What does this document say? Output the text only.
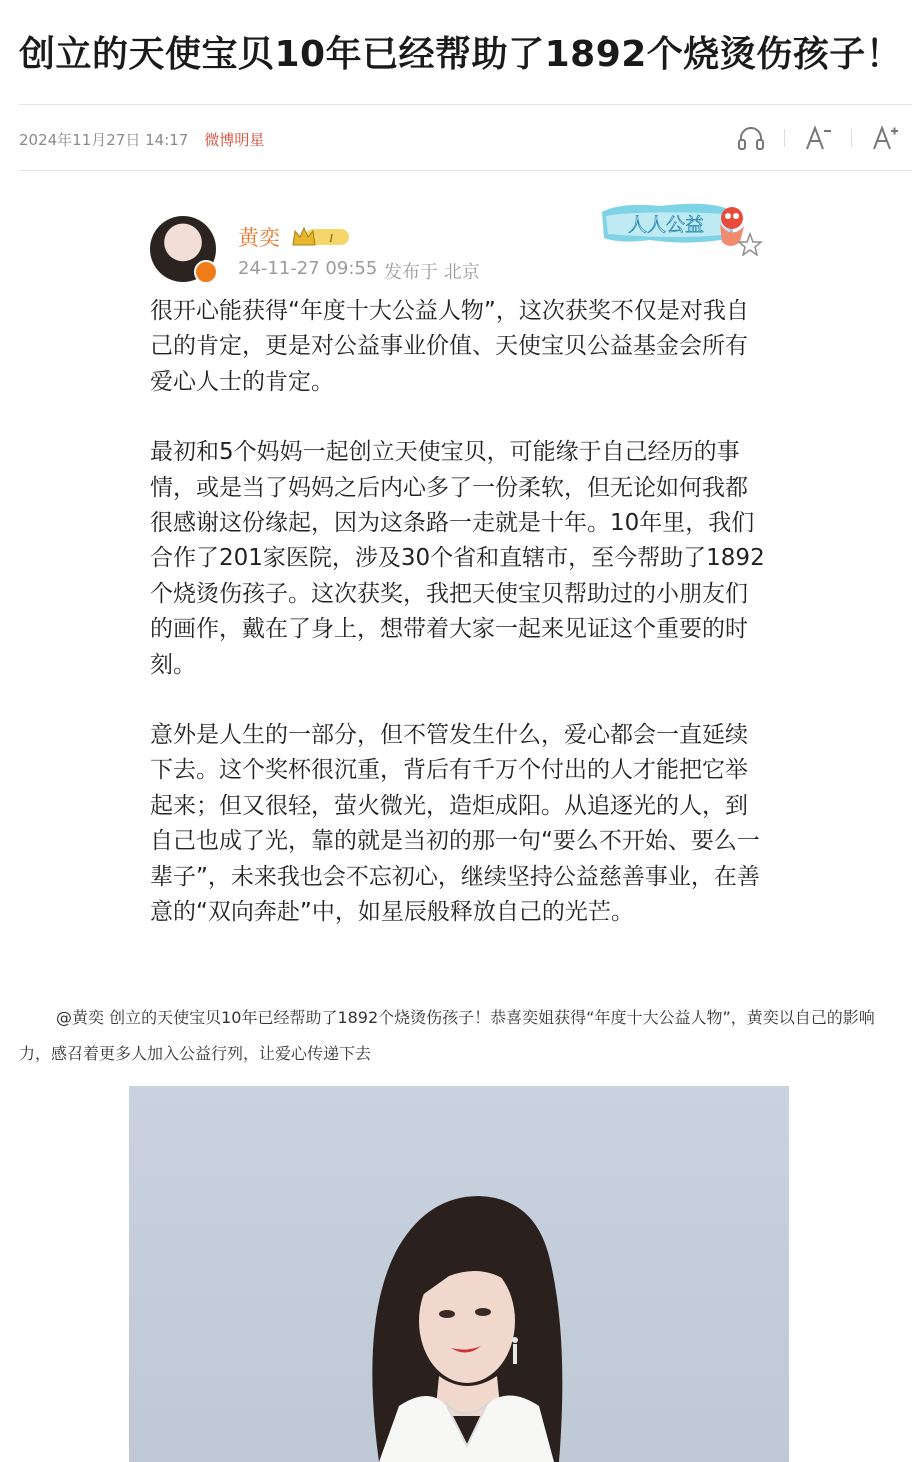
创立的天使宝贝10年已经帮助了1892个烧烫伤孩子！
2024年11月27日 14:17 微博明星
黄奕	I
24-11-27 09:55 发布于 北京
人人公益

很开心能获得“年度十大公益人物”，这次获奖不仅是对我自己的肯定，更是对公益事业价值、天使宝贝公益基金会所有爱心人士的肯定。

最初和5个妈妈一起创立天使宝贝，可能缘于自己经历的事情，或是当了妈妈之后内心多了一份柔软，但无论如何我都很感谢这份缘起，因为这条路一走就是十年。10年里，我们合作了201家医院，涉及30个省和直辖市，至今帮助了1892个烧烫伤孩子。这次获奖，我把天使宝贝帮助过的小朋友们的画作，戴在了身上，想带着大家一起来见证这个重要的时刻。

意外是人生的一部分，但不管发生什么，爱心都会一直延续下去。这个奖杯很沉重，背后有千万个付出的人才能把它举起来；但又很轻，萤火微光，造炬成阳。从追逐光的人，到自己也成了光，靠的就是当初的那一句“要么不开始、要么一辈子”，未来我也会不忘初心，继续坚持公益慈善事业，在善意的“双向奔赴”中，如星辰般释放自己的光芒。

@黄奕 创立的天使宝贝10年已经帮助了1892个烧烫伤孩子！恭喜奕姐获得“年度十大公益人物”，黄奕以自己的影响力，感召着更多人加入公益行列，让爱心传递下去
